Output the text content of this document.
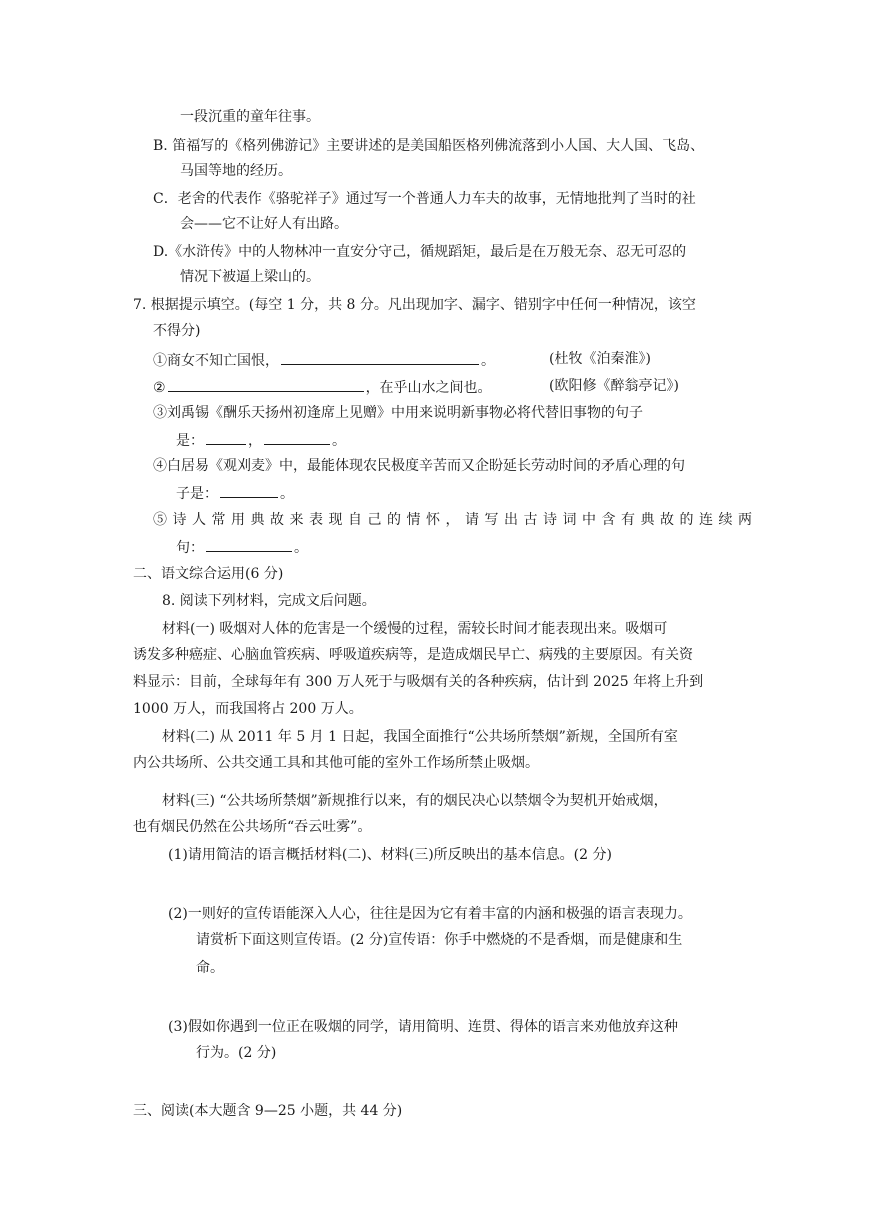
一段沉重的童年往事。
B. 笛福写的《格列佛游记》主要讲述的是美国船医格列佛流落到小人国、大人国、飞岛、
马国等地的经历。
C．老舍的代表作《骆驼祥子》通过写一个普通人力车夫的故事，无情地批判了当时的社
会——它不让好人有出路。
D.《水浒传》中的人物林冲一直安分守己，循规蹈矩，最后是在万般无奈、忍无可忍的
情况下被逼上梁山的。
7. 根据提示填空。(每空 1 分，共 8 分。凡出现加字、漏字、错别字中任何一种情况，该空
不得分)
①商女不知亡国恨，	。	(杜牧《泊秦淮》)
②	，在乎山水之间也。	(欧阳修《醉翁亭记》)
③刘禹锡《酬乐天扬州初逢席上见赠》中用来说明新事物必将代替旧事物的句子
是：	，	。
④白居易《观刈麦》中，最能体现农民极度辛苦而又企盼延长劳动时间的矛盾心理的句
子是：	。
⑤诗人常用典故来表现自己的情怀，请写出古诗词中含有典故的连续两
句：	。
二、语文综合运用(6 分)
8. 阅读下列材料，完成文后问题。
材料(一) 吸烟对人体的危害是一个缓慢的过程，需较长时间才能表现出来。吸烟可
诱发多种癌症、心脑血管疾病、呼吸道疾病等，是造成烟民早亡、病残的主要原因。有关资
料显示：目前，全球每年有 300 万人死于与吸烟有关的各种疾病，估计到 2025 年将上升到
1000 万人，而我国将占 200 万人。
材料(二) 从 2011 年 5 月 1 日起，我国全面推行“公共场所禁烟”新规，全国所有室
内公共场所、公共交通工具和其他可能的室外工作场所禁止吸烟。
材料(三) “公共场所禁烟”新规推行以来，有的烟民决心以禁烟令为契机开始戒烟，
也有烟民仍然在公共场所“吞云吐雾”。
(1)请用简洁的语言概括材料(二)、材料(三)所反映出的基本信息。(2 分)
(2)一则好的宣传语能深入人心，往往是因为它有着丰富的内涵和极强的语言表现力。
请赏析下面这则宣传语。(2 分)宣传语：你手中燃烧的不是香烟，而是健康和生
命。
(3)假如你遇到一位正在吸烟的同学，请用简明、连贯、得体的语言来劝他放弃这种
行为。(2 分)
三、阅读(本大题含 9—25 小题，共 44 分)
